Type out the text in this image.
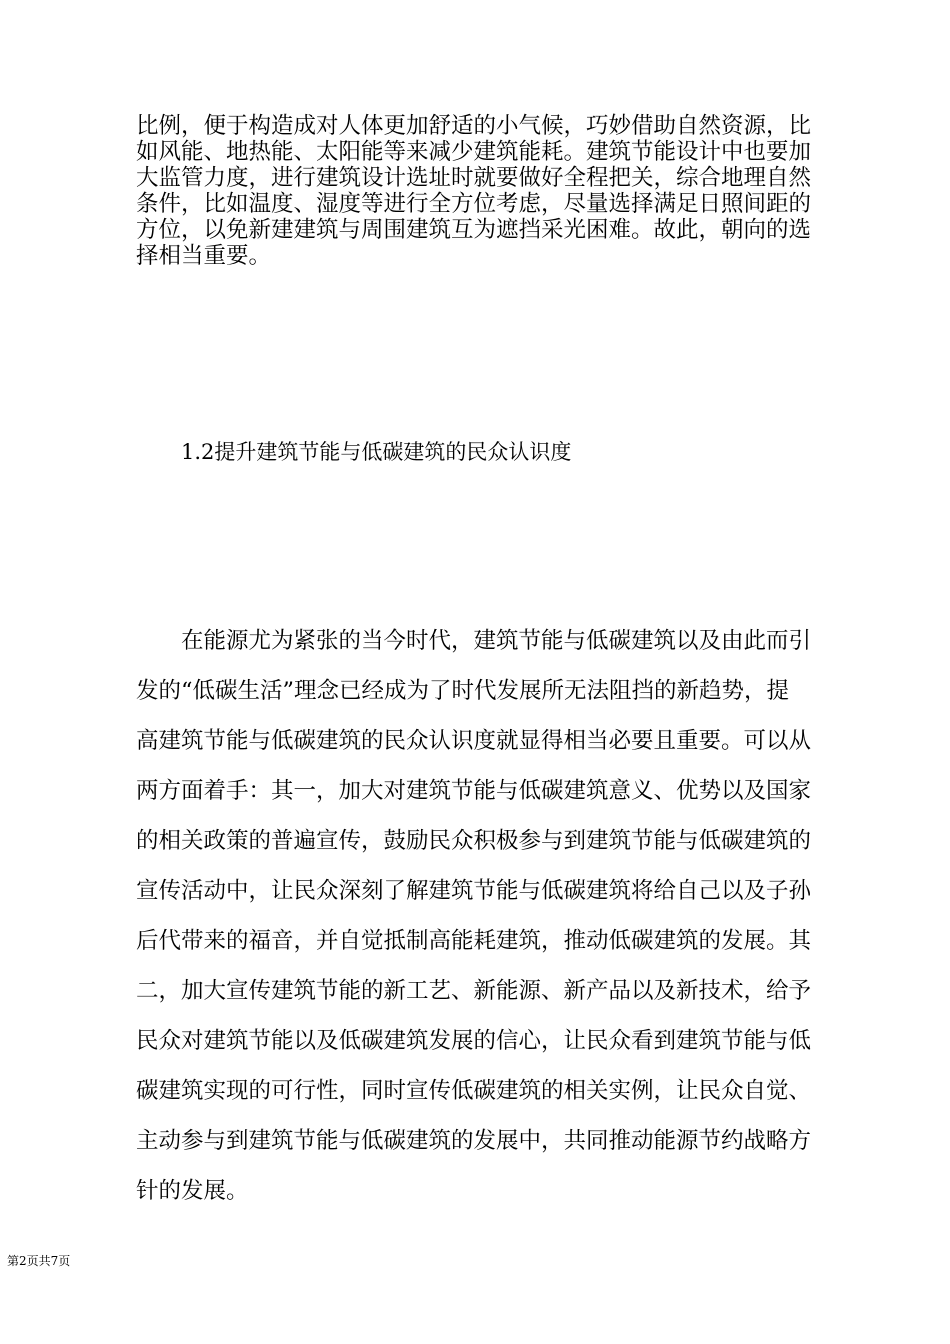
比例，便于构造成对人体更加舒适的小气候，巧妙借助自然资源，比
如风能、地热能、太阳能等来减少建筑能耗。建筑节能设计中也要加
大监管力度，进行建筑设计选址时就要做好全程把关，综合地理自然
条件，比如温度、湿度等进行全方位考虑，尽量选择满足日照间距的
方位，以免新建建筑与周围建筑互为遮挡采光困难。故此，朝向的选
择相当重要。
1.2提升建筑节能与低碳建筑的民众认识度
在能源尤为紧张的当今时代，建筑节能与低碳建筑以及由此而引
发的“低碳生活”理念已经成为了时代发展所无法阻挡的新趋势，提
高建筑节能与低碳建筑的民众认识度就显得相当必要且重要。可以从
两方面着手：其一，加大对建筑节能与低碳建筑意义、优势以及国家
的相关政策的普遍宣传，鼓励民众积极参与到建筑节能与低碳建筑的
宣传活动中，让民众深刻了解建筑节能与低碳建筑将给自己以及子孙
后代带来的福音，并自觉抵制高能耗建筑，推动低碳建筑的发展。其
二，加大宣传建筑节能的新工艺、新能源、新产品以及新技术，给予
民众对建筑节能以及低碳建筑发展的信心，让民众看到建筑节能与低
碳建筑实现的可行性，同时宣传低碳建筑的相关实例，让民众自觉、
主动参与到建筑节能与低碳建筑的发展中，共同推动能源节约战略方
针的发展。
第2页共7页
